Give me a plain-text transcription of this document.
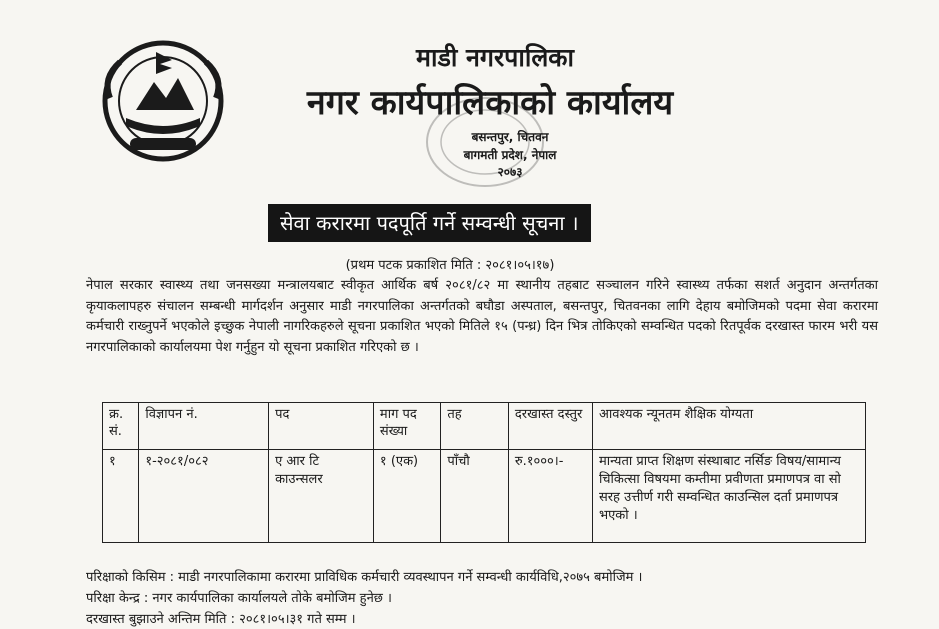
माडी नगरपालिका
नगर कार्यपालिकाको कार्यालय
बसन्तपुर, चितवन
बागमती प्रदेश, नेपाल
२०७३
सेवा करारमा पदपूर्ति गर्ने सम्वन्धी सूचना ।
(प्रथम पटक प्रकाशित मिति : २०८१।०५।१७)
नेपाल सरकार स्वास्थ्य तथा जनसख्या मन्त्रालयबाट स्वीकृत आर्थिक बर्ष २०८१/८२ मा स्थानीय तहबाट सञ्चालन गरिने स्वास्थ्य तर्फका सशर्त अनुदान अन्तर्गतका कृयाकलापहरु संचालन सम्बन्धी मार्गदर्शन अनुसार माडी नगरपालिका अन्तर्गतको बघौडा अस्पताल, बसन्तपुर, चितवनका लागि देहाय बमोजिमको पदमा सेवा करारमा कर्मचारी राख्नुपर्ने भएकोले इच्छुक नेपाली नागरिकहरुले सूचना प्रकाशित भएको मितिले १५ (पन्ध्र) दिन भित्र तोकिएको सम्वन्धित पदको रितपूर्वक दरखास्त फारम भरी यस नगरपालिकाको कार्यालयमा पेश गर्नुहुन यो सूचना प्रकाशित गरिएको छ ।
क्र. सं.	विज्ञापन नं.	पद	माग पद संख्या	तह	दरखास्त दस्तुर	आवश्यक न्यूनतम शैक्षिक योग्यता
१	१-२०८१/०८२	ए आर टि काउन्सलर	१ (एक)	पाँचौ	रु.१०००।-	मान्यता प्राप्त शिक्षण संस्थाबाट नर्सिङ विषय/सामान्य चिकित्सा विषयमा कम्तीमा प्रवीणता प्रमाणपत्र वा सो सरह उत्तीर्ण गरी सम्वन्धित काउन्सिल दर्ता प्रमाणपत्र भएको ।
परिक्षाको किसिम : माडी नगरपालिकामा करारमा प्राविधिक कर्मचारी व्यवस्थापन गर्ने सम्वन्धी कार्यविधि,२०७५ बमोजिम ।
परिक्षा केन्द्र : नगर कार्यपालिका कार्यालयले तोके बमोजिम हुनेछ ।
दरखास्त बुझाउने अन्तिम मिति : २०८१।०५।३१ गते सम्म ।
